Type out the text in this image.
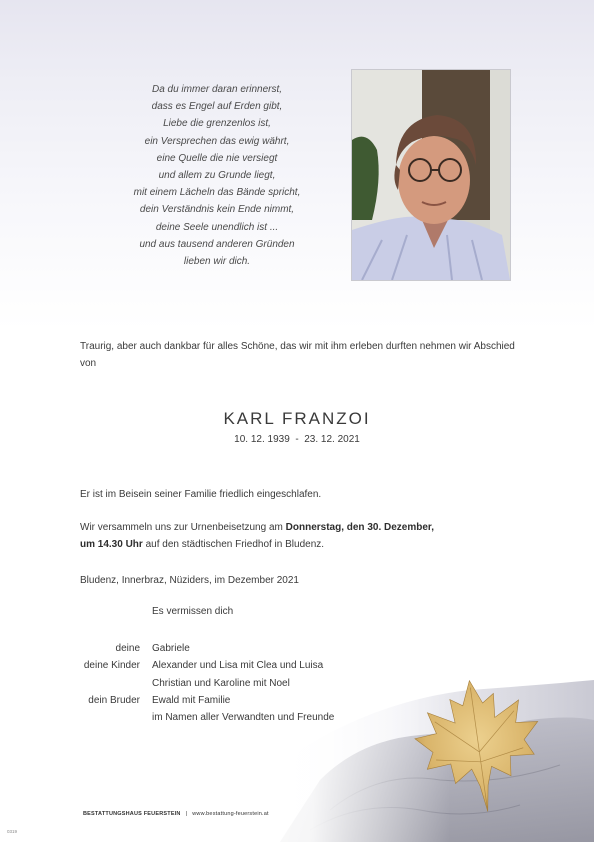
Da du immer daran erinnerst,
dass es Engel auf Erden gibt,
Liebe die grenzenlos ist,
ein Versprechen das ewig währt,
eine Quelle die nie versiegt
und allem zu Grunde liegt,
mit einem Lächeln das Bände spricht,
dein Verständnis kein Ende nimmt,
deine Seele unendlich ist ...
und aus tausend anderen Gründen
lieben wir dich.
Traurig, aber auch dankbar für alles Schöne, das wir mit ihm erleben durften nehmen wir Abschied von
KARL FRANZOI
10. 12. 1939  -  23. 12. 2021
Er ist im Beisein seiner Familie friedlich eingeschlafen.
Wir versammeln uns zur Urnenbeisetzung am Donnerstag, den 30. Dezember,
um 14.30 Uhr auf den städtischen Friedhof in Bludenz.
Bludenz, Innerbraz, Nüziders, im Dezember 2021
Es vermissen dich
deine Gabriele
deine Kinder Alexander und Lisa mit Clea und Luisa
Christian und Karoline mit Noel
dein Bruder Ewald mit Familie
im Namen aller Verwandten und Freunde
BESTATTUNGSHAUS FEUERSTEIN | www.bestattung-feuerstein.at
0319
